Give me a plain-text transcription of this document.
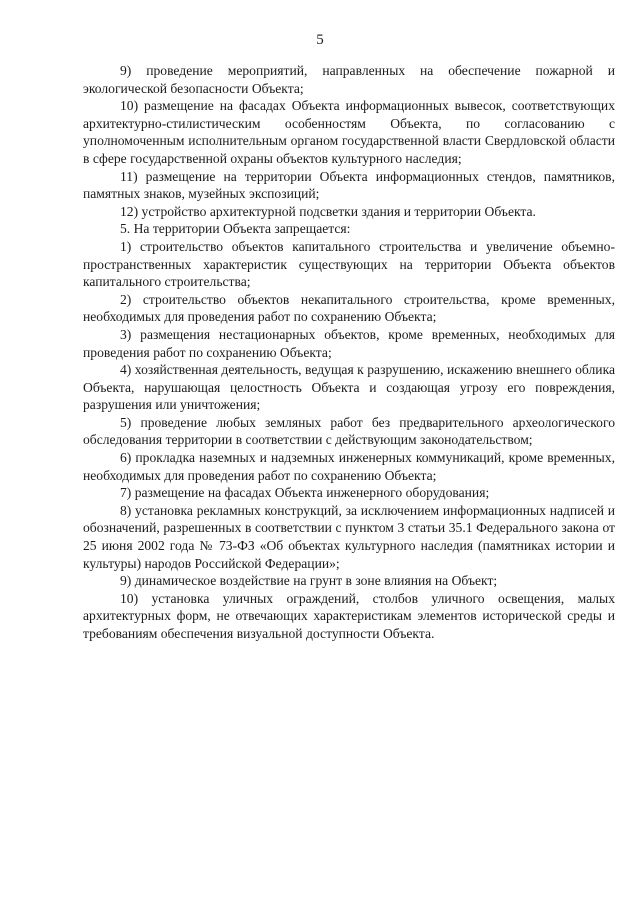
5

9) проведение мероприятий, направленных на обеспечение пожарной и экологической безопасности Объекта;

10) размещение на фасадах Объекта информационных вывесок, соответствующих архитектурно-стилистическим особенностям Объекта, по согласованию с уполномоченным исполнительным органом государственной власти Свердловской области в сфере государственной охраны объектов культурного наследия;

11) размещение на территории Объекта информационных стендов, памятников, памятных знаков, музейных экспозиций;

12) устройство архитектурной подсветки здания и территории Объекта.

5. На территории Объекта запрещается:

1) строительство объектов капитального строительства и увеличение объемно-пространственных характеристик существующих на территории Объекта объектов капитального строительства;

2) строительство объектов некапитального строительства, кроме временных, необходимых для проведения работ по сохранению Объекта;

3) размещения нестационарных объектов, кроме временных, необходимых для проведения работ по сохранению Объекта;

4) хозяйственная деятельность, ведущая к разрушению, искажению внешнего облика Объекта, нарушающая целостность Объекта и создающая угрозу его повреждения, разрушения или уничтожения;

5) проведение любых земляных работ без предварительного археологического обследования территории в соответствии с действующим законодательством;

6) прокладка наземных и надземных инженерных коммуникаций, кроме временных, необходимых для проведения работ по сохранению Объекта;

7) размещение на фасадах Объекта инженерного оборудования;

8) установка рекламных конструкций, за исключением информационных надписей и обозначений, разрешенных в соответствии с пунктом 3 статьи 35.1 Федерального закона от 25 июня 2002 года № 73-ФЗ «Об объектах культурного наследия (памятниках истории и культуры) народов Российской Федерации»;

9) динамическое воздействие на грунт в зоне влияния на Объект;

10) установка уличных ограждений, столбов уличного освещения, малых архитектурных форм, не отвечающих характеристикам элементов исторической среды и требованиям обеспечения визуальной доступности Объекта.
